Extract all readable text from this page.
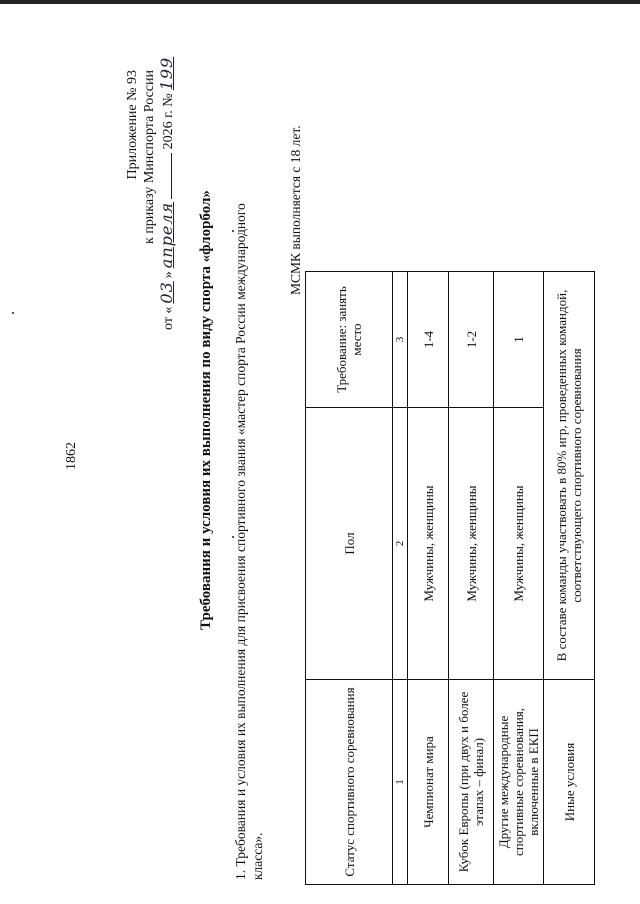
1862
Приложение № 93 к приказу Минспорта России
от «03»апреля 2026 г. №199
Требования и условия их выполнения по виду спорта «флорбол» 1. Требования и условия их выполнения для присвоения спортивного звания «мастер спорта России международного класса».
МСМК выполняется с 18 лет.
Статус спортивного соревнования	Пол	Требование: занять место
1	2	3
Чемпионат мира	Мужчины, женщины	1-4
Кубок Европы (при двух и более этапах – финал)	Мужчины, женщины	1-2
Другие международные спортивные соревнования, включенные в ЕКП	Мужчины, женщины	1
Иные условия	В составе команды участвовать в 80% игр, проведенных командой, соответствующего спортивного соревнования	
